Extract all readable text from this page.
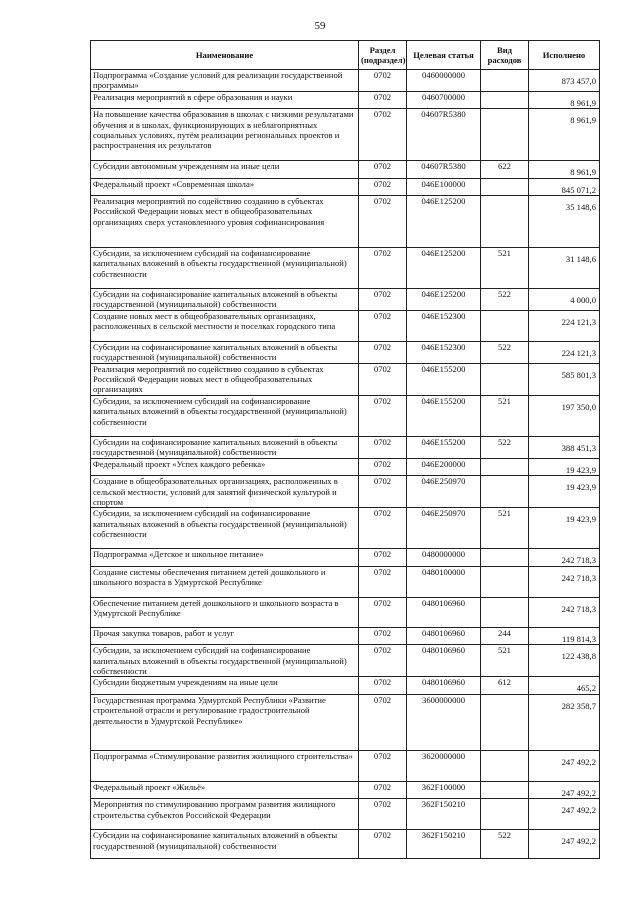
59
Наименование	Раздел (подраздел)	Целевая статья	Вид расходов	Исполнено
Подпрограмма «Создание условий для реализации государственной программы»	0702	0460000000		873 457,0

Реализация мероприятий в сфере образования и науки	0702	0460700000		8 961,9

На повышение качества образования в школах с низкими результатами обучения и в школах, функционирующих в неблагоприятных социальных условиях, путём реализации региональных проектов и распространения их результатов	0702	04607R5380		8 961,9

Субсидии автономным учреждениям на иные цели	0702	04607R5380	622	8 961,9

Федеральный проект «Современная школа»	0702	046E100000		845 071,2

Реализация мероприятий по содействию созданию в субъектах Российской Федерации новых мест в общеобразовательных организациях сверх установленного уровня софинансирования	0702	046E125200		35 148,6

Субсидии, за исключением субсидий на софинансирование капитальных вложений в объекты государственной (муниципальной) собственности	0702	046E125200	521	31 148,6

Субсидии на софинансирование капитальных вложений в объекты государственной (муниципальной) собственности	0702	046E125200	522	4 000,0

Создание новых мест в общеобразовательных организациях, расположенных в сельской местности и поселках городского типа	0702	046E152300		224 121,3

Субсидии на софинансирование капитальных вложений в объекты государственной (муниципальной) собственности	0702	046E152300	522	224 121,3

Реализация мероприятий по содействию созданию в субъектах Российской Федерации новых мест в общеобразовательных организациях	0702	046E155200		585 801,3

Субсидии, за исключением субсидий на софинансирование капитальных вложений в объекты государственной (муниципальной) собственности	0702	046E155200	521	197 350,0

Субсидии на софинансирование капитальных вложений в объекты государственной (муниципальной) собственности	0702	046E155200	522	388 451,3

Федеральный проект «Успех каждого ребенка»	0702	046E200000		19 423,9

Создание в общеобразовательных организациях, расположенных в сельской местности, условий для занятий физической культурой и спортом	0702	046E250970		19 423,9

Субсидии, за исключением субсидий на софинансирование капитальных вложений в объекты государственной (муниципальной) собственности	0702	046E250970	521	19 423,9

Подпрограмма «Детское и школьное питание»	0702	0480000000		242 718,3

Создание системы обеспечения питанием детей дошкольного и школьного возраста в Удмуртской Республике	0702	0480100000		242 718,3

Обеспечение питанием детей дошкольного и школьного возраста в Удмуртской Республике	0702	0480106960		242 718,3

Прочая закупка товаров, работ и услуг	0702	0480106960	244	119 814,3

Субсидии, за исключением субсидий на софинансирование капитальных вложений в объекты государственной (муниципальной) собственности	0702	0480106960	521	122 438,8

Субсидии бюджетным учреждениям на иные цели	0702	0480106960	612	465,2

Государственная программа Удмуртской Республики «Развитие строительной отрасли и регулирование градостроительной деятельности в Удмуртской Республике»	0702	3600000000		282 358,7

Подпрограмма «Стимулирование развития жилищного строительства»	0702	3620000000		247 492,2

Федеральный проект «Жильё»	0702	362F100000		247 492,2

Мероприятия по стимулированию программ развития жилищного строительства субъектов Российской Федерации	0702	362F150210		247 492,2

Субсидии на софинансирование капитальных вложений в объекты государственной (муниципальной) собственности	0702	362F150210	522	247 492,2
